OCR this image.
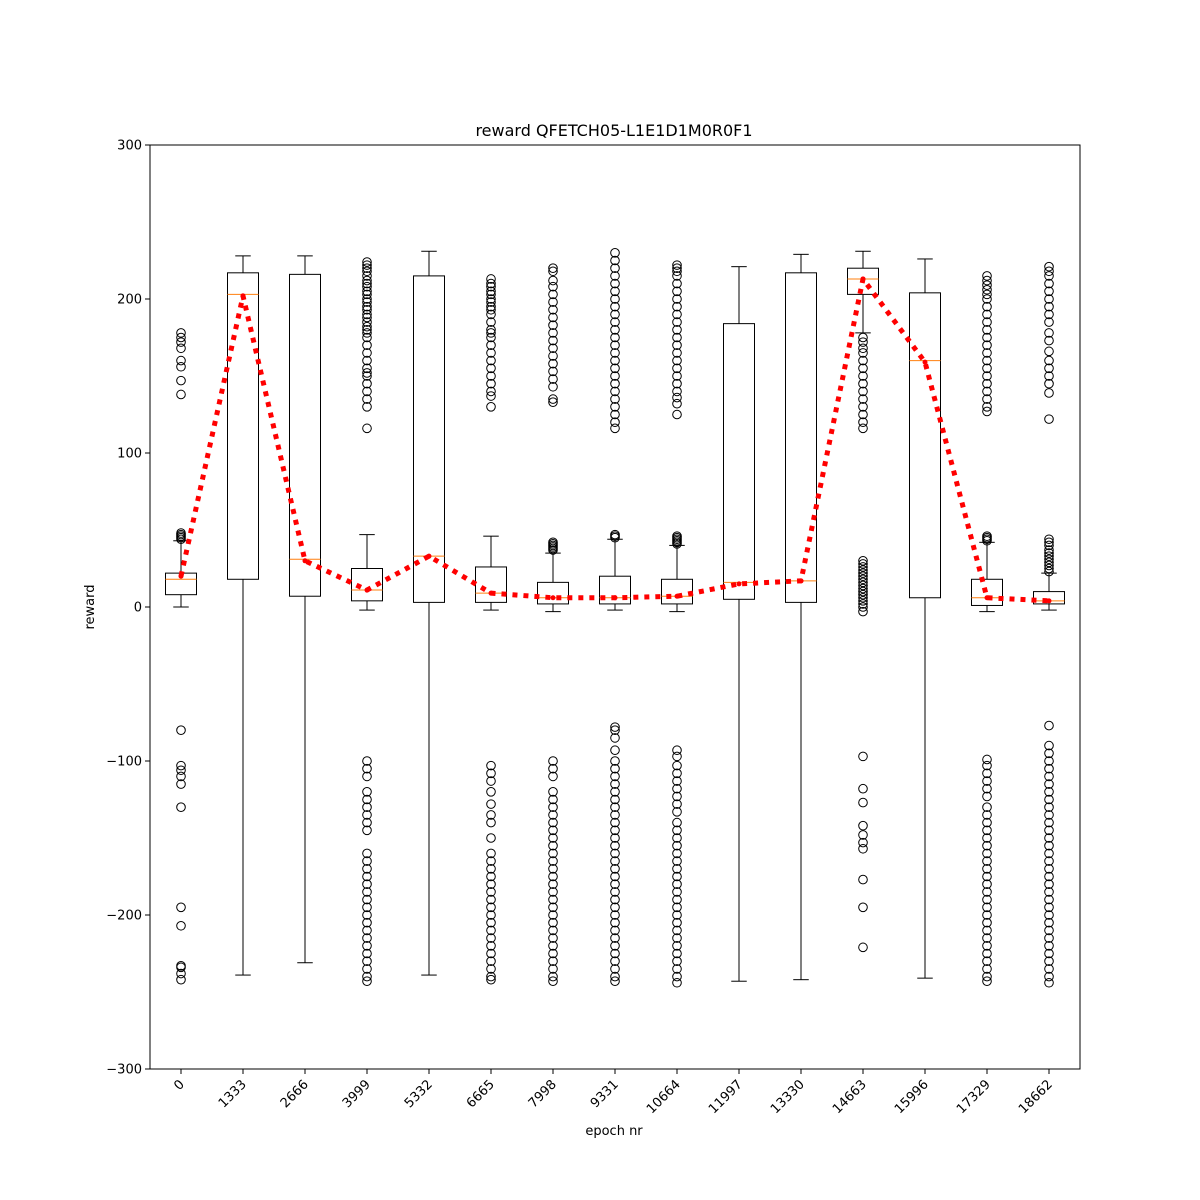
reward QFETCH05-L1E1D1M0R0F1
epoch nr
reward
−300
−200
−100
0
100
200
300
0 1333 2666 3999 5332 6665 7998 9331 10664 11997 13330 14663 15996 17329 18662
